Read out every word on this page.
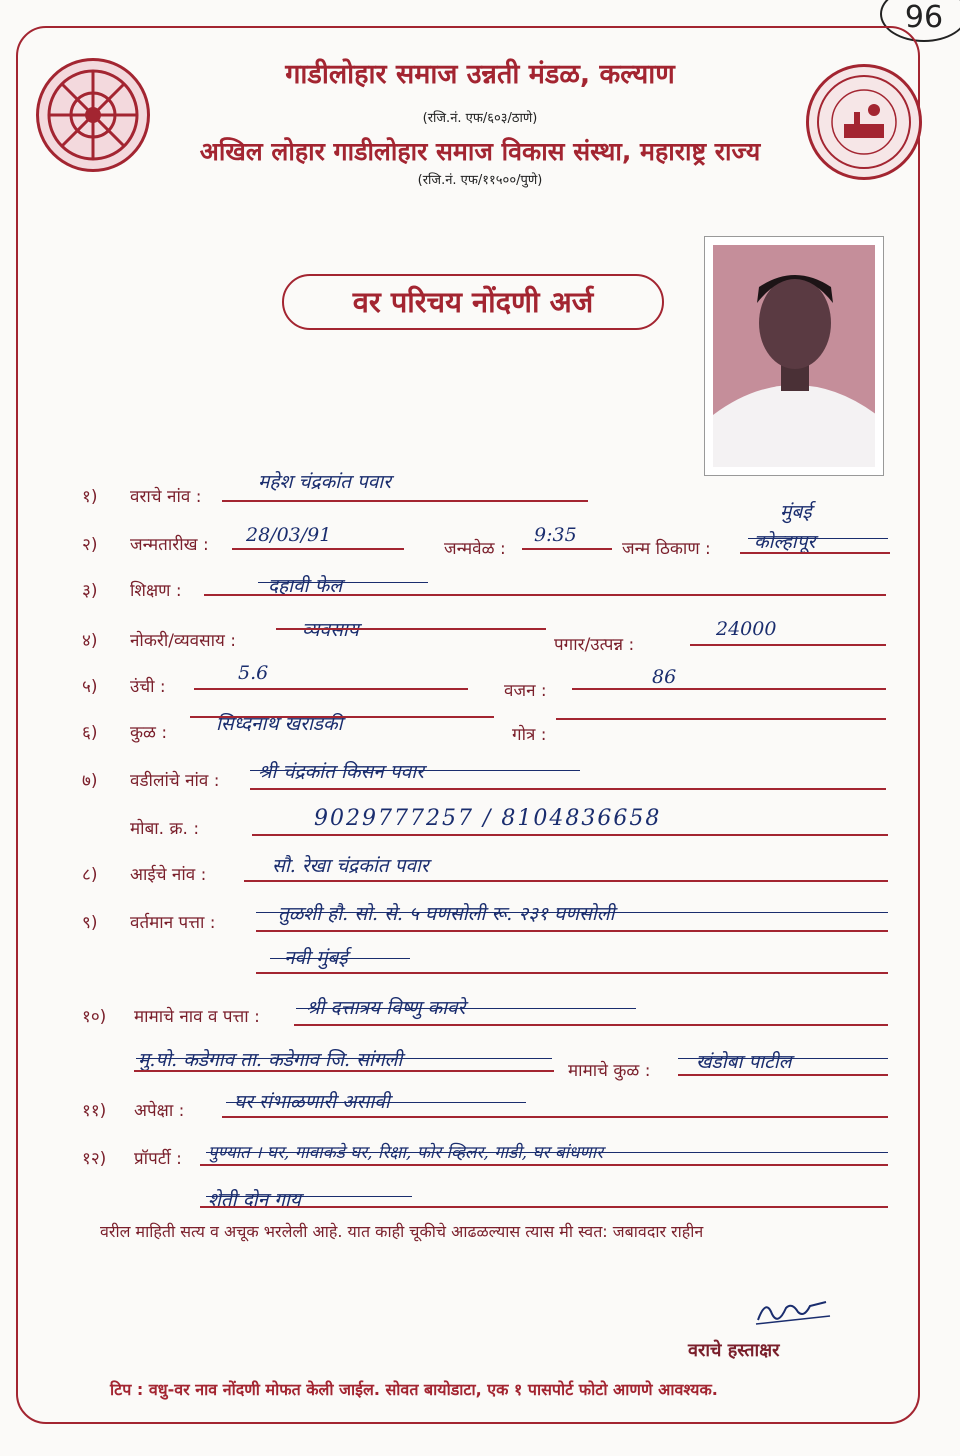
96
गाडीलोहार समाज उन्नती मंडळ, कल्याण
(रजि.नं. एफ/६०३/ठाणे)
अखिल लोहार गाडीलोहार समाज विकास संस्था, महाराष्ट्र राज्य
(रजि.नं. एफ/११५००/पुणे)
वर परिचय नोंदणी अर्ज
१) वराचे नांव :
महेश चंद्रकांत पवार
२) जन्मतारीख : 28/03/91
जन्मवेळ :
9:35
जन्म ठिकाण :
मुंबई
कोल्हापूर
३) शिक्षण :	दहावी फेल
४) नोकरी/व्यवसाय :	व्यवसाय
पगार/उत्पन्न :
24000
५) उंची :
5.6
वजन :
86
६) कुळ :	सिध्दनाथ खराडकी	गोत्र :
७) वडीलांचे नांव : श्री चंद्रकांत किसन पवार
मोबा. क्र. :	9029777257 / 8104836658
८) आईचे नांव :	सौ. रेखा चंद्रकांत पवार
९) वर्तमान पत्ता :	तुळशी हौ. सो. से. ५ घणसोली रू. २३१ घणसोली
नवी मुंबई
१०) मामाचे नाव व पत्ता : श्री दत्तात्रय विष्णु कावरे
मु.पो. कडेगाव ता. कडेगाव जि. सांगली	मामाचे कुळ : खंडोबा पाटील
११) अपेक्षा :	घर संभाळणारी असावी
१२) प्रॉपर्टी : पुण्यात । घर, गावाकडे घर, रिक्षा, फोर व्हिलर, गाडी, घर बांधणार
शेती दोन गाय
वरील माहिती सत्य व अचूक भरलेली आहे. यात काही चूकीचे आढळल्यास त्यास मी स्वत: जबावदार राहीन
वराचे हस्ताक्षर
टिप : वधु-वर नाव नोंदणी मोफत केली जाईल. सोवत बायोडाटा, एक १ पासपोर्ट फोटो आणणे आवश्यक.
